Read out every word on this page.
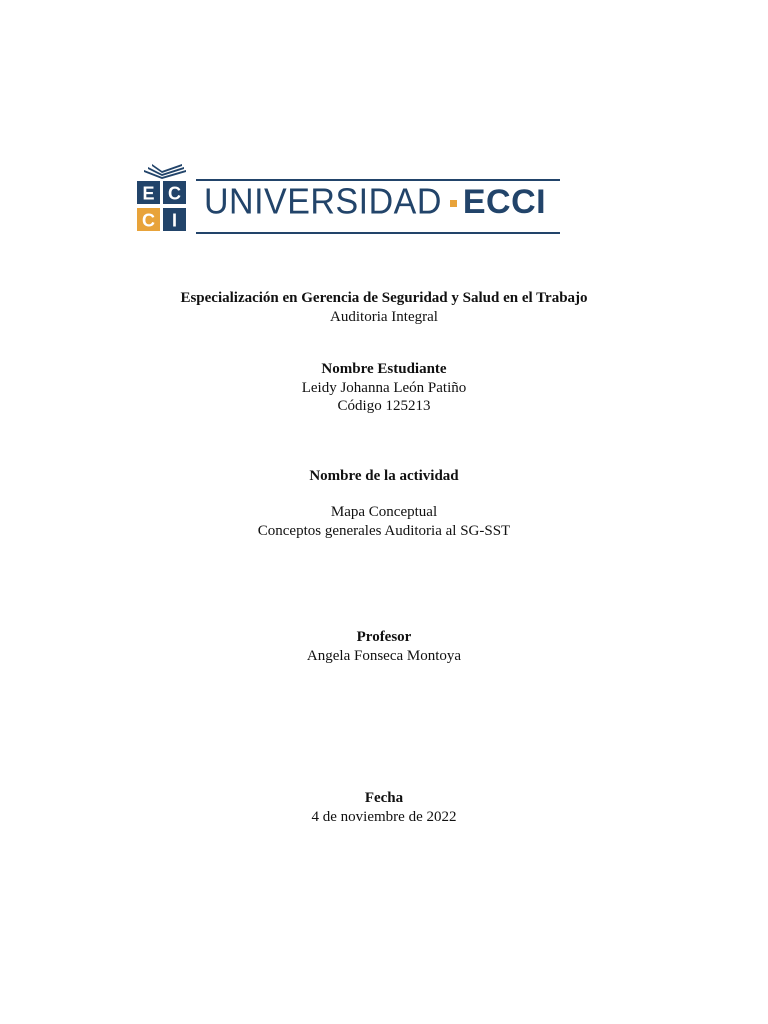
E C
C I UNIVERSIDAD ECCI
Especialización en Gerencia de Seguridad y Salud en el Trabajo
Auditoria Integral
Nombre Estudiante
Leidy Johanna León Patiño
Código 125213
Nombre de la actividad
Mapa Conceptual
Conceptos generales Auditoria al SG-SST
Profesor
Angela Fonseca Montoya
Fecha
4 de noviembre de 2022
